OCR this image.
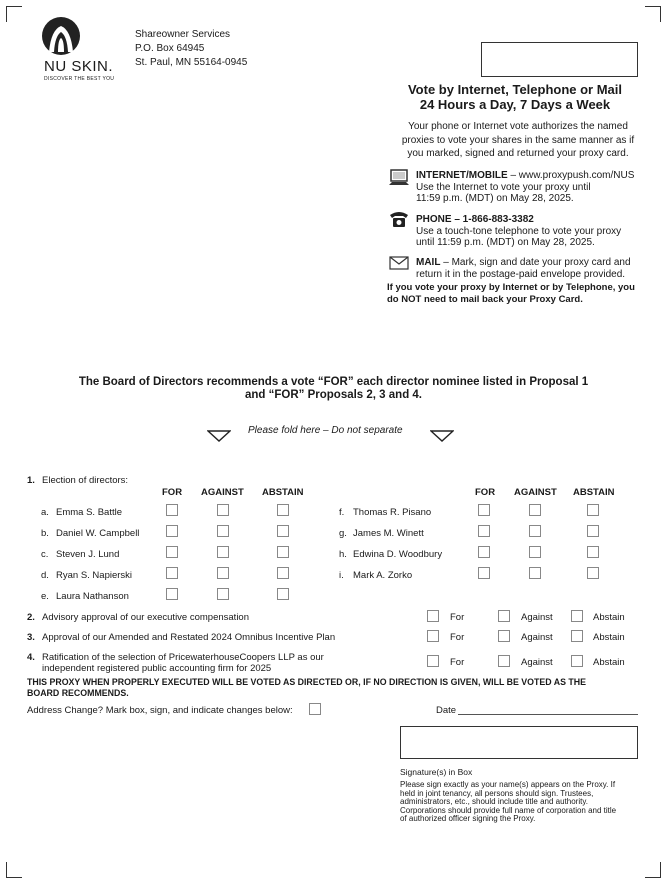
NU SKIN.
DISCOVER THE BEST YOU
Shareowner Services
P.O. Box 64945
St. Paul, MN 55164-0945
Vote by Internet, Telephone or Mail
24 Hours a Day, 7 Days a Week
Your phone or Internet vote authorizes the named
proxies to vote your shares in the same manner as if
you marked, signed and returned your proxy card.
INTERNET/MOBILE – www.proxypush.com/NUS
Use the Internet to vote your proxy until
11:59 p.m. (MDT) on May 28, 2025.
PHONE – 1-866-883-3382
Use a touch-tone telephone to vote your proxy
until 11:59 p.m. (MDT) on May 28, 2025.
MAIL – Mark, sign and date your proxy card and
return it in the postage-paid envelope provided.
If you vote your proxy by Internet or by Telephone, you
do NOT need to mail back your Proxy Card.
The Board of Directors recommends a vote “FOR” each director nominee listed in Proposal 1
and “FOR” Proposals 2, 3 and 4.
Please fold here – Do not separate
1. Election of directors:
FOR AGAINST ABSTAIN	FOR AGAINST ABSTAIN
a. Emma S. Battle
b. Daniel W. Campbell
c. Steven J. Lund
d. Ryan S. Napierski
e. Laura Nathanson
f. Thomas R. Pisano
g. James M. Winett
h. Edwina D. Woodbury
i. Mark A. Zorko
2. Advisory approval of our executive compensation	For	Against	Abstain
3. Approval of our Amended and Restated 2024 Omnibus Incentive Plan	For	Against	Abstain
4. Ratification of the selection of PricewaterhouseCoopers LLP as our
independent registered public accounting firm for 2025
For	Against	Abstain
THIS PROXY WHEN PROPERLY EXECUTED WILL BE VOTED AS DIRECTED OR, IF NO DIRECTION IS GIVEN, WILL BE VOTED AS THE
BOARD RECOMMENDS.
Address Change? Mark box, sign, and indicate changes below:	Date
Signature(s) in Box
Please sign exactly as your name(s) appears on the Proxy. If
held in joint tenancy, all persons should sign. Trustees,
administrators, etc., should include title and authority.
Corporations should provide full name of corporation and title
of authorized officer signing the Proxy.
